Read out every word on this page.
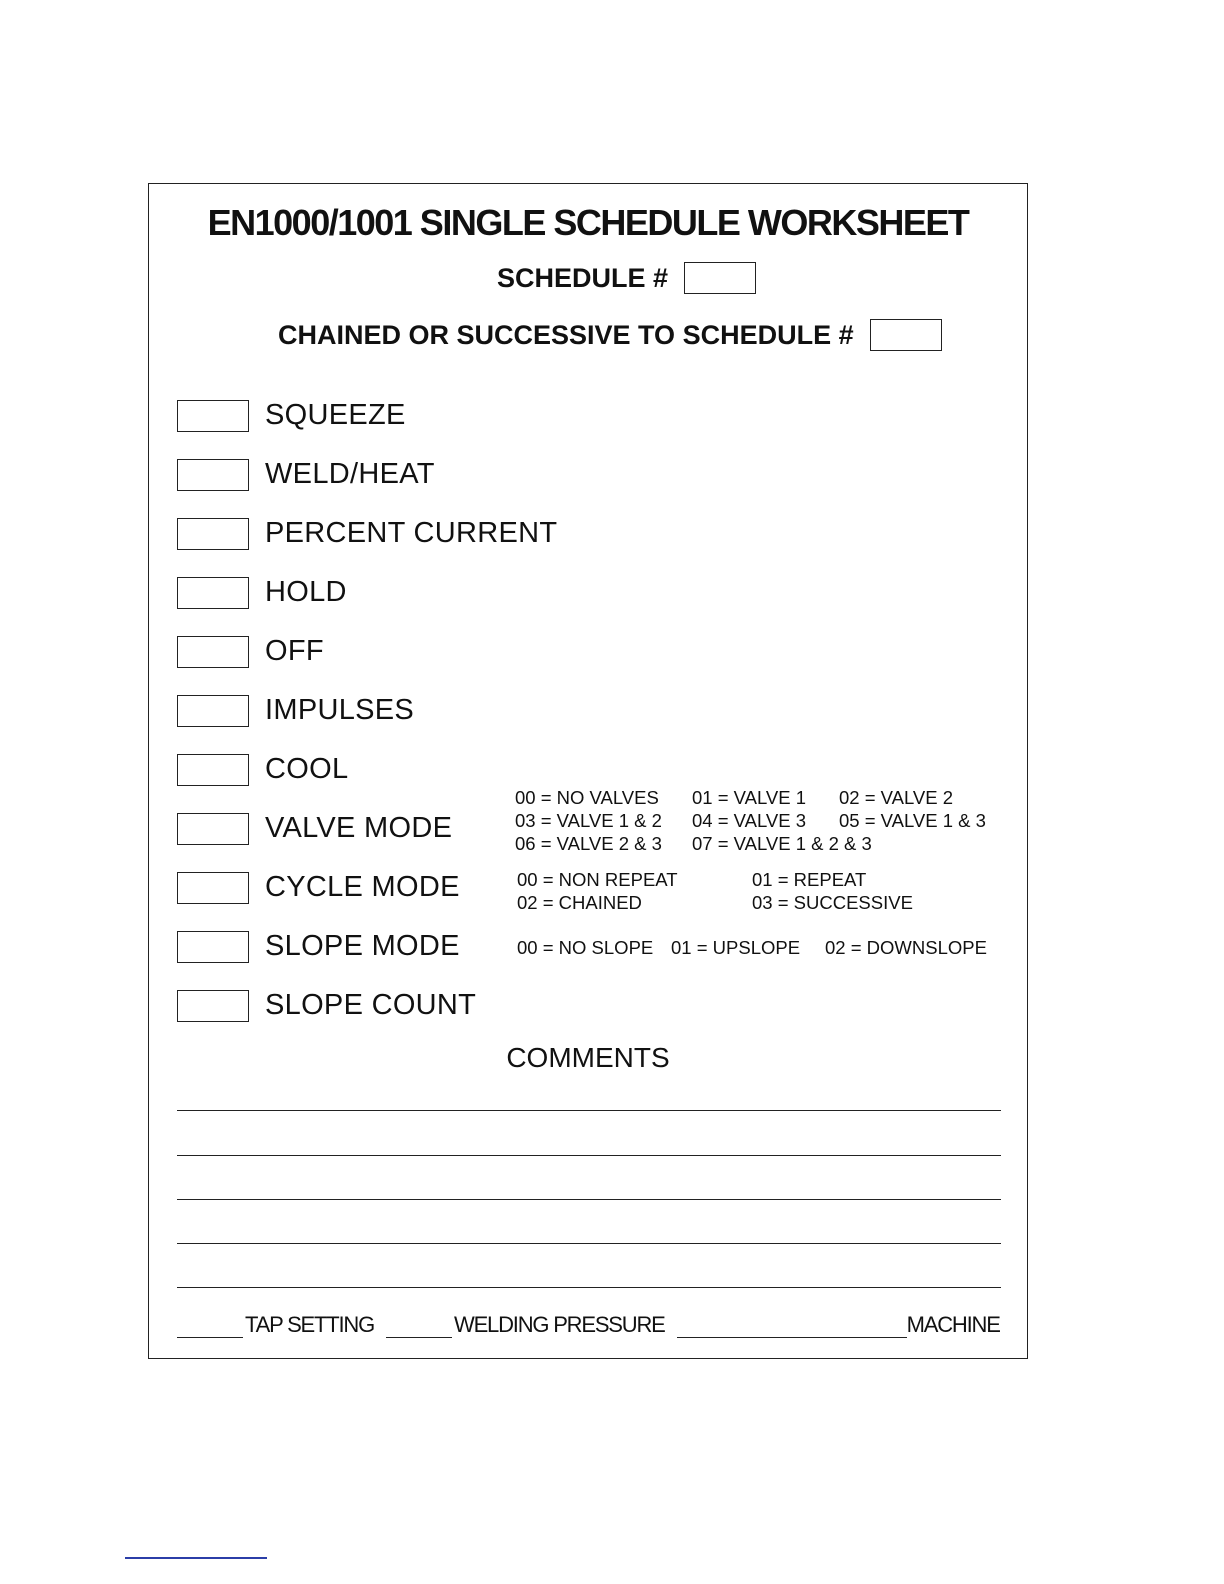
EN1000/1001 SINGLE SCHEDULE WORKSHEET
SCHEDULE #
CHAINED OR SUCCESSIVE TO SCHEDULE #
SQUEEZE
WELD/HEAT
PERCENT CURRENT
HOLD
OFF
IMPULSES
COOL
VALVE MODE
CYCLE MODE
SLOPE MODE
SLOPE COUNT
00 = NO VALVES	01 = VALVE 1	02 = VALVE 2
03 = VALVE 1 & 2	04 = VALVE 3	05 = VALVE 1 & 3
06 = VALVE 2 & 3	07 = VALVE 1 & 2 & 3
00 = NON REPEAT	01 = REPEAT
02 = CHAINED	03 = SUCCESSIVE
00 = NO SLOPE 01 = UPSLOPE	02 = DOWNSLOPE
COMMENTS
TAP SETTING	WELDING PRESSURE	MACHINE
